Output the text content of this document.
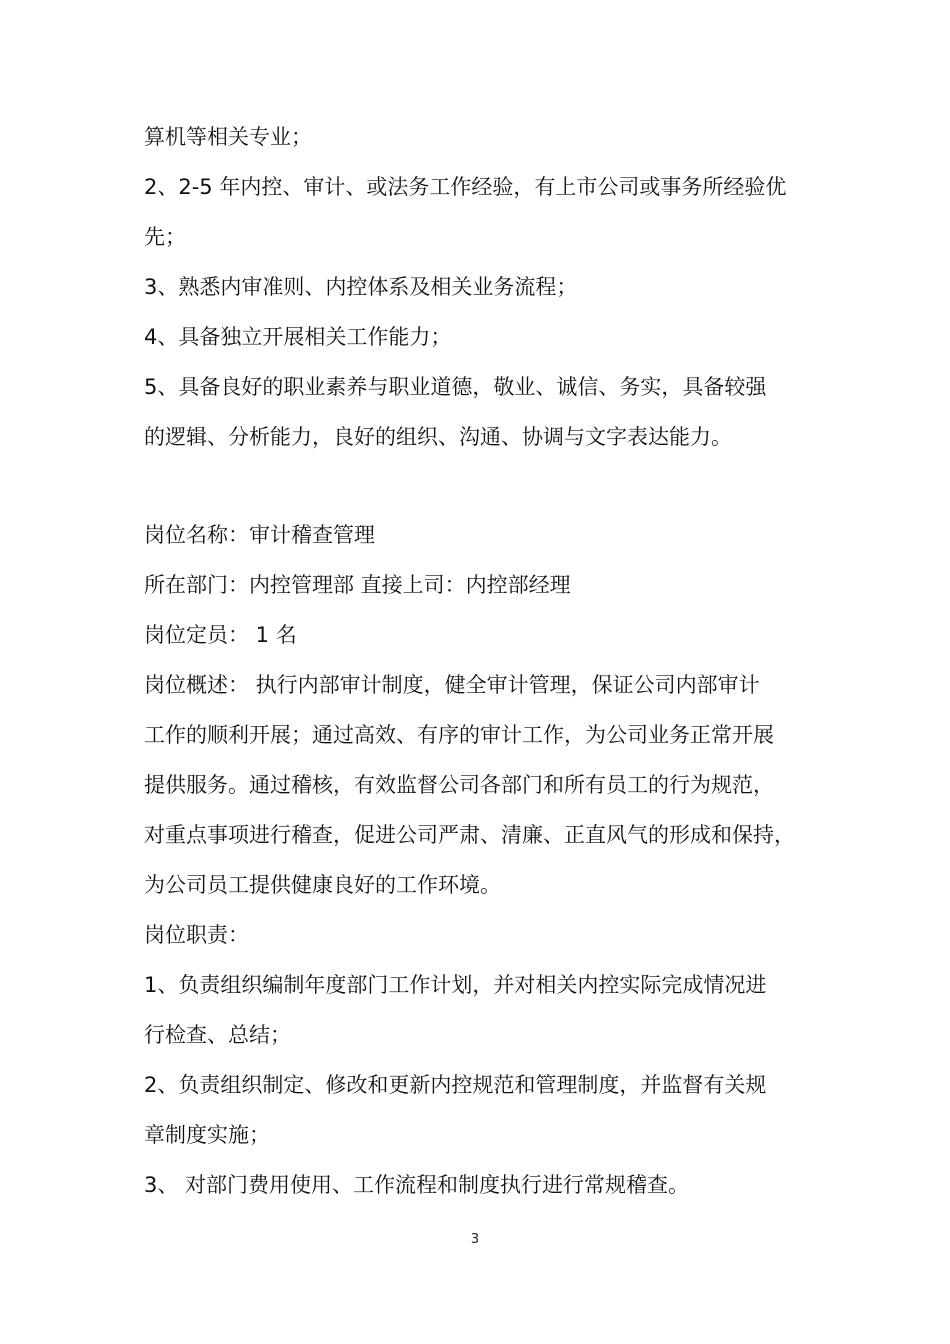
算机等相关专业；
2、2-5 年内控、审计、或法务工作经验，有上市公司或事务所经验优
先；
3、熟悉内审准则、内控体系及相关业务流程；
4、具备独立开展相关工作能力；
5、具备良好的职业素养与职业道德，敬业、诚信、务实，具备较强
的逻辑、分析能力，良好的组织、沟通、协调与文字表达能力。
岗位名称：审计稽查管理
所在部门：内控管理部 直接上司：内控部经理
岗位定员： 1 名
岗位概述： 执行内部审计制度，健全审计管理，保证公司内部审计
工作的顺利开展；通过高效、有序的审计工作，为公司业务正常开展
提供服务。通过稽核，有效监督公司各部门和所有员工的行为规范，
对重点事项进行稽查，促进公司严肃、清廉、正直风气的形成和保持，
为公司员工提供健康良好的工作环境。
岗位职责：
1、负责组织编制年度部门工作计划，并对相关内控实际完成情况进
行检查、总结；
2、负责组织制定、修改和更新内控规范和管理制度，并监督有关规
章制度实施；
3、 对部门费用使用、工作流程和制度执行进行常规稽查。
3
